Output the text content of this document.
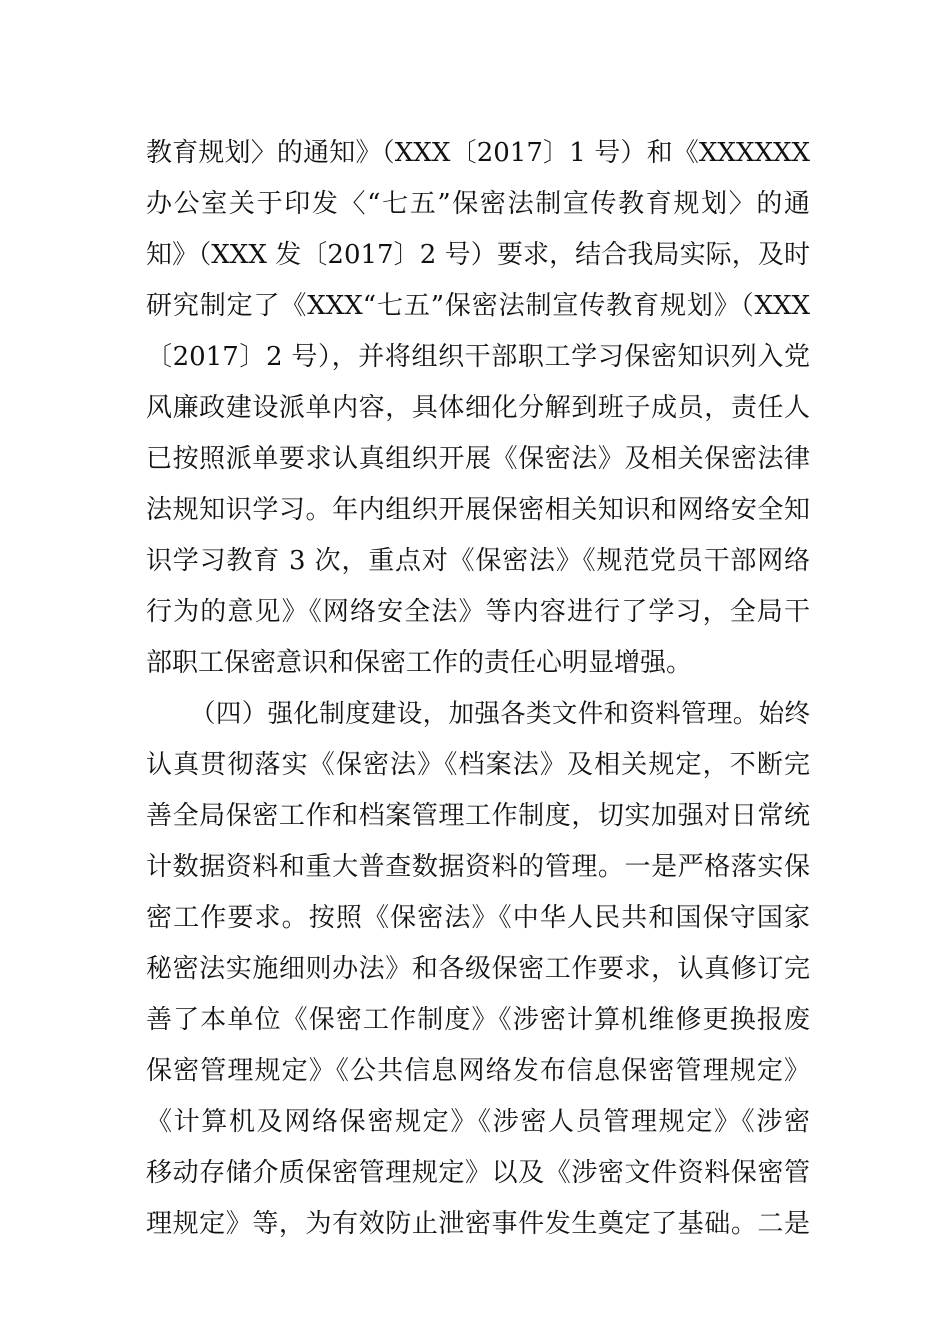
教育规划〉的通知》（XXX〔2017〕1 号）和《XXXXXX
办公室关于印发〈“七五”保密法制宣传教育规划〉的通
知》（XXX 发〔2017〕2 号）要求，结合我局实际，及时
研究制定了《XXX“七五”保密法制宣传教育规划》（XXX
〔2017〕2 号），并将组织干部职工学习保密知识列入党
风廉政建设派单内容，具体细化分解到班子成员，责任人
已按照派单要求认真组织开展《保密法》及相关保密法律
法规知识学习。年内组织开展保密相关知识和网络安全知
识学习教育 3 次，重点对《保密法》《规范党员干部网络
行为的意见》《网络安全法》等内容进行了学习，全局干
部职工保密意识和保密工作的责任心明显增强。
（四）强化制度建设，加强各类文件和资料管理。始终
认真贯彻落实《保密法》《档案法》及相关规定，不断完
善全局保密工作和档案管理工作制度，切实加强对日常统
计数据资料和重大普查数据资料的管理。一是严格落实保
密工作要求。按照《保密法》《中华人民共和国保守国家
秘密法实施细则办法》和各级保密工作要求，认真修订完
善了本单位《保密工作制度》《涉密计算机维修更换报废
保密管理规定》《公共信息网络发布信息保密管理规定》
《计算机及网络保密规定》《涉密人员管理规定》《涉密
移动存储介质保密管理规定》以及《涉密文件资料保密管
理规定》等，为有效防止泄密事件发生奠定了基础。二是
